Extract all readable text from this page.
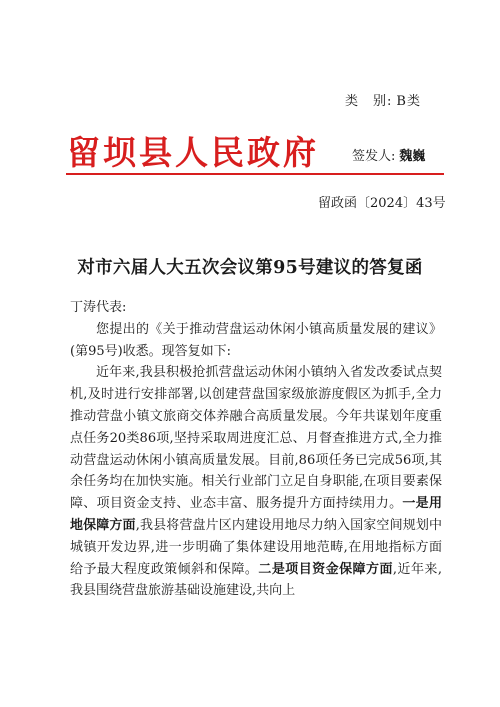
类　别: B类
留坝县人民政府	签发人: 魏巍
留政函〔2024〕43号
对市六届人大五次会议第95号建议的答复函

丁涛代表:

您提出的《关于推动营盘运动休闲小镇高质量发展的建议》(第95号)收悉。现答复如下:

近年来,我县积极抢抓营盘运动休闲小镇纳入省发改委试点契机,及时进行安排部署,以创建营盘国家级旅游度假区为抓手,全力推动营盘小镇文旅商交体养融合高质量发展。今年共谋划年度重点任务20类86项,坚持采取周进度汇总、月督查推进方式,全力推动营盘运动休闲小镇高质量发展。目前,86项任务已完成56项,其余任务均在加快实施。相关行业部门立足自身职能,在项目要素保障、项目资金支持、业态丰富、服务提升方面持续用力。一是用地保障方面,我县将营盘片区内建设用地尽力纳入国家空间规划中城镇开发边界,进一步明确了集体建设用地范畴,在用地指标方面给予最大程度政策倾斜和保障。二是项目资金保障方面,近年来,我县围绕营盘旅游基础设施建设,共向上
